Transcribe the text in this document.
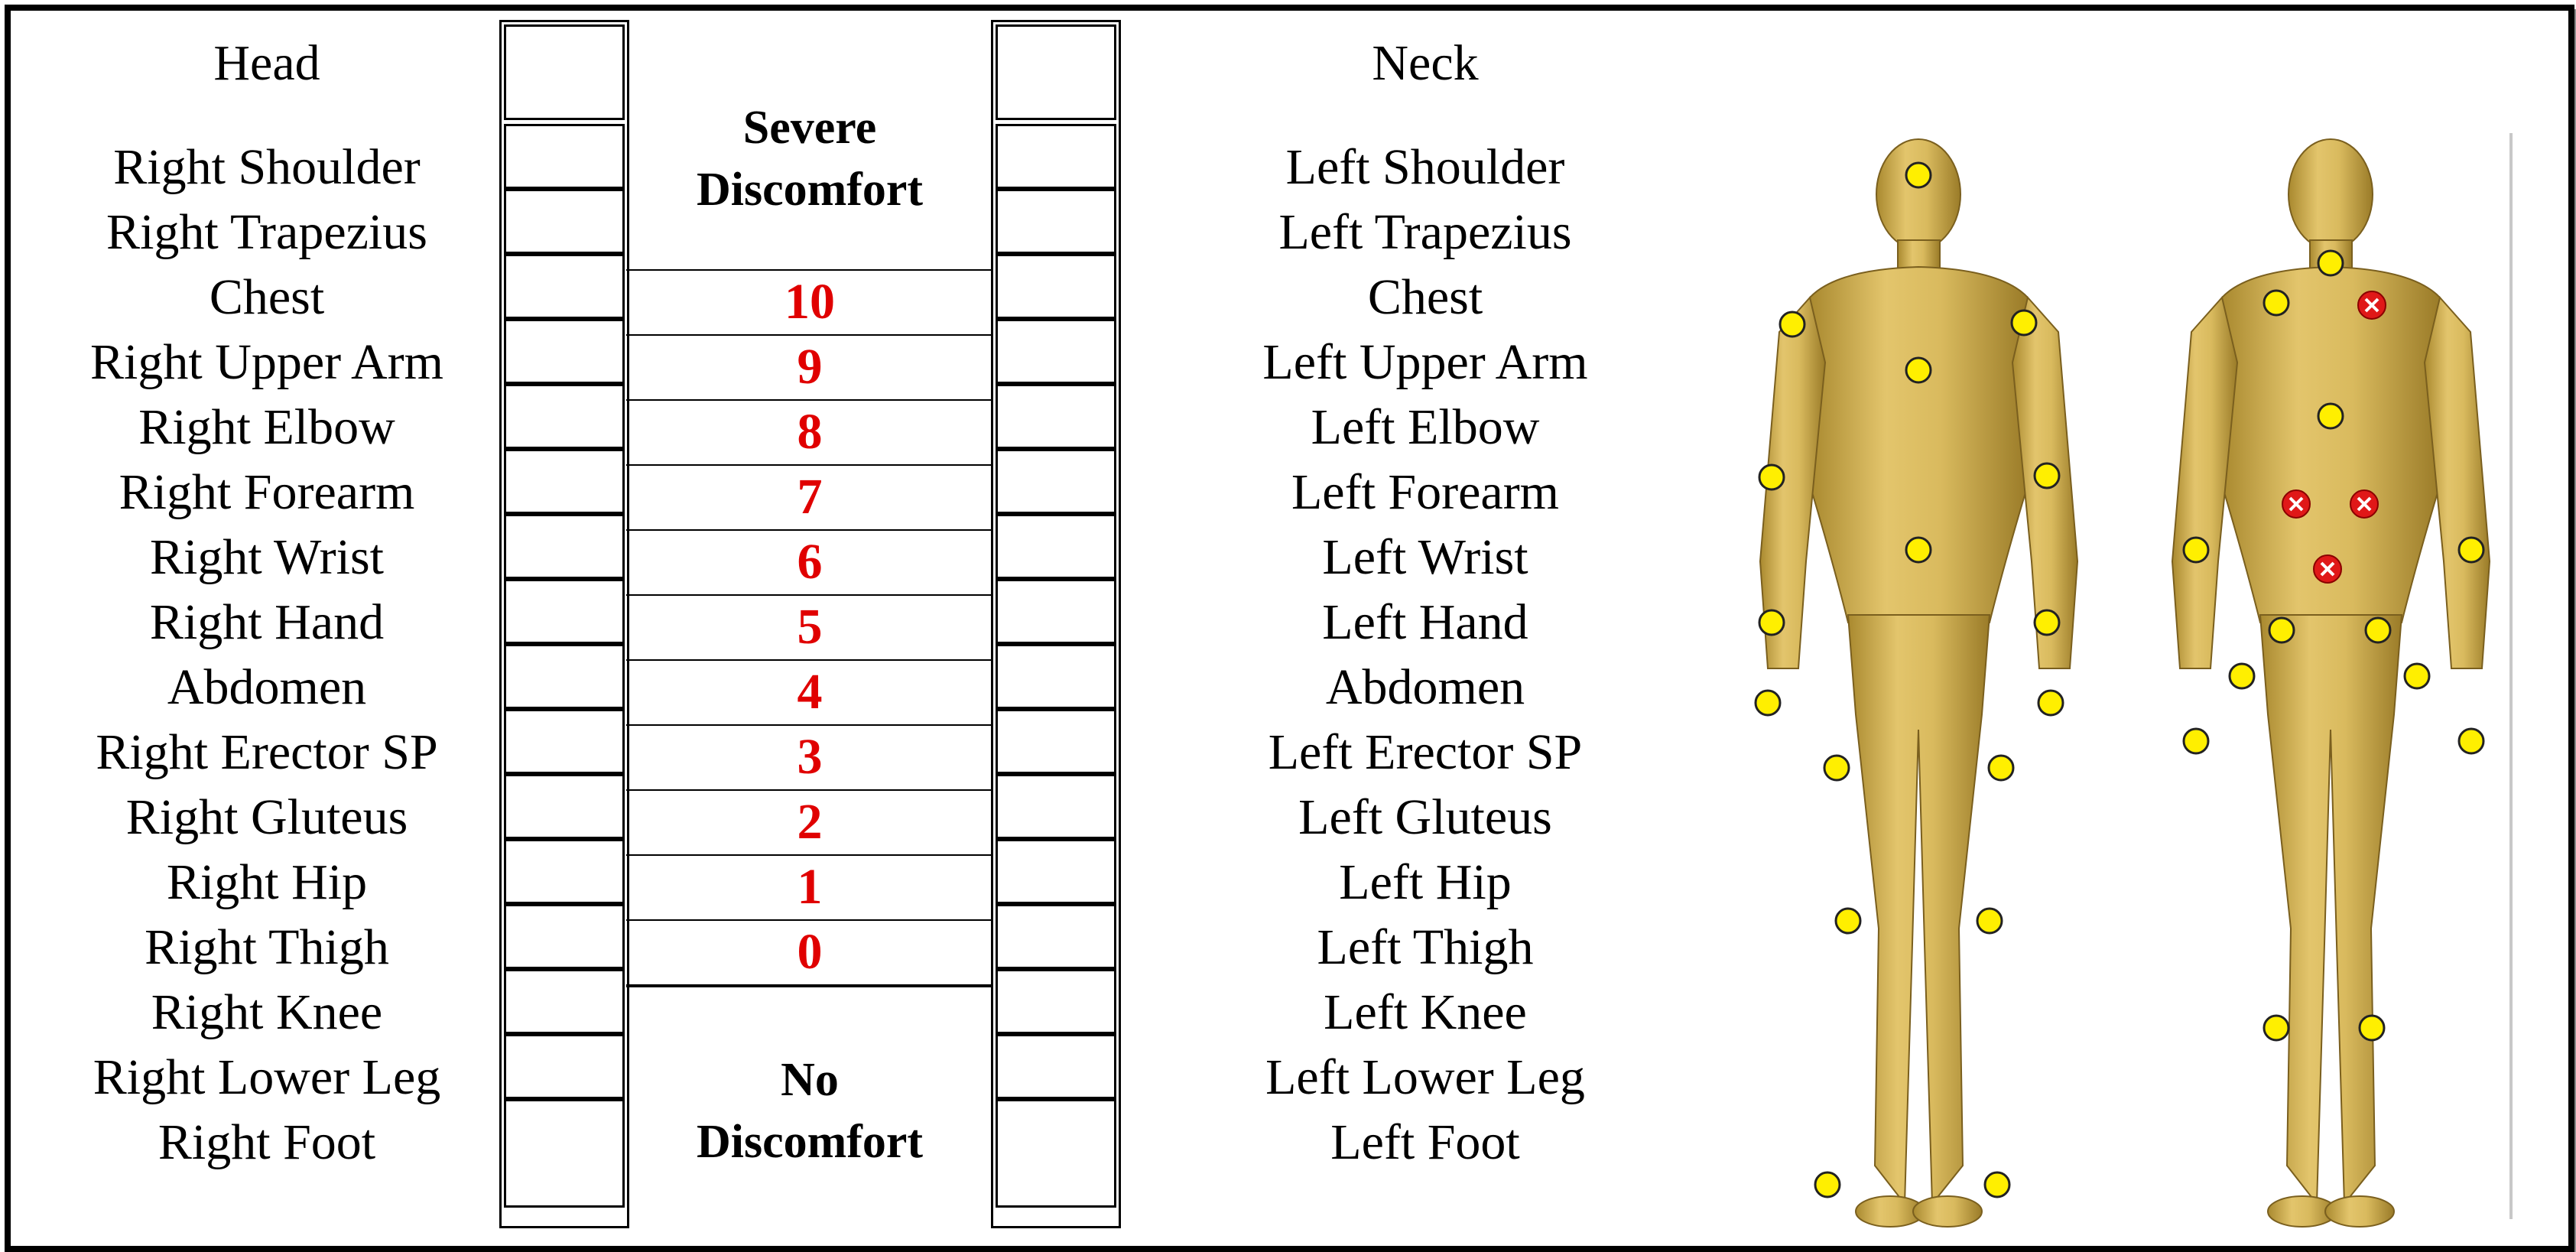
Head
Right Shoulder
Right Trapezius
Chest
Right Upper Arm
Right Elbow
Right Forearm
Right Wrist
Right Hand
Abdomen
Right Erector SP
Right Gluteus
Right Hip
Right Thigh
Right Knee
Right Lower Leg
Right Foot
Neck
Left Shoulder
Left Trapezius
Chest
Left Upper Arm
Left Elbow
Left Forearm
Left Wrist
Left Hand
Abdomen
Left Erector SP
Left Gluteus
Left Hip
Left Thigh
Left Knee
Left Lower Leg
Left Foot
Severe Discomfort
10
9
8
7
6
5
4
3
2
1
0
No Discomfort
